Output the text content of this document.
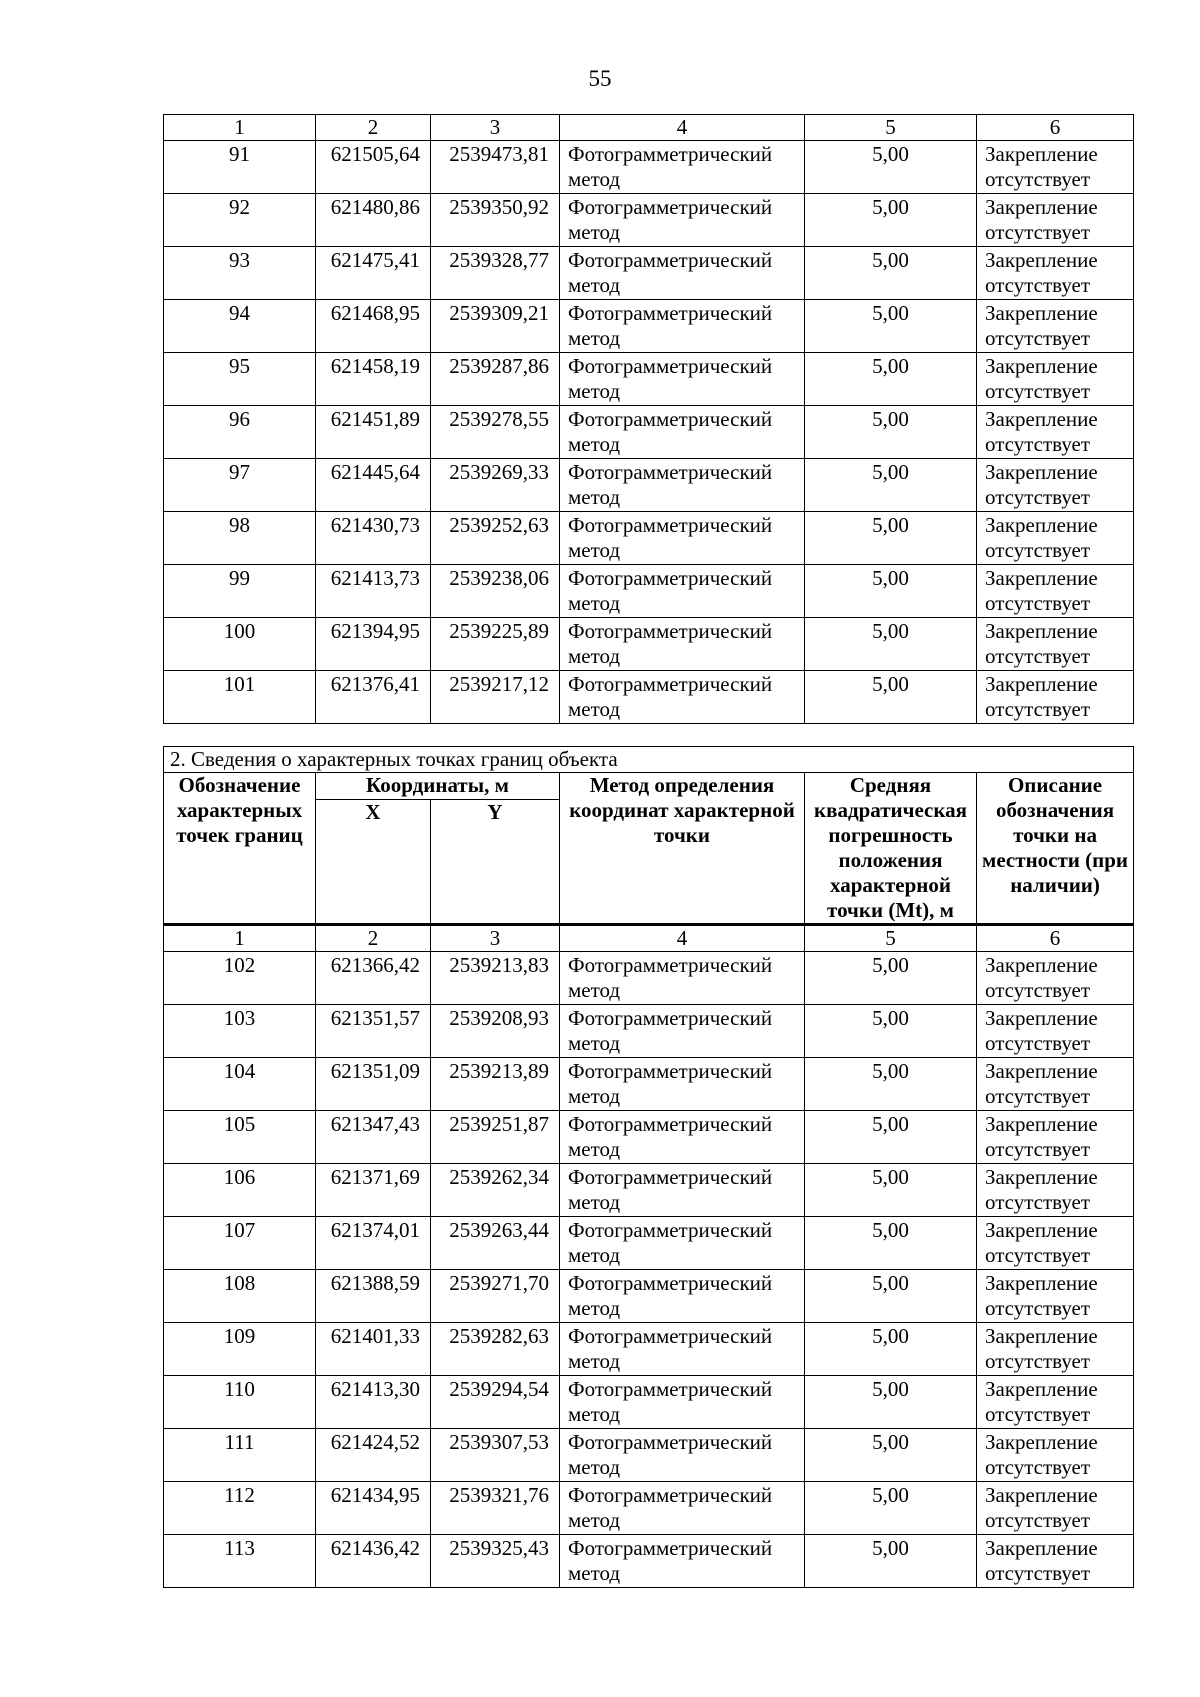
55
1	2	3	4	5	6
91	621505,64	2539473,81	Фотограмметрический метод	5,00	Закрепление отсутствует
92	621480,86	2539350,92	Фотограмметрический метод	5,00	Закрепление отсутствует
93	621475,41	2539328,77	Фотограмметрический метод	5,00	Закрепление отсутствует
94	621468,95	2539309,21	Фотограмметрический метод	5,00	Закрепление отсутствует
95	621458,19	2539287,86	Фотограмметрический метод	5,00	Закрепление отсутствует
96	621451,89	2539278,55	Фотограмметрический метод	5,00	Закрепление отсутствует
97	621445,64	2539269,33	Фотограмметрический метод	5,00	Закрепление отсутствует
98	621430,73	2539252,63	Фотограмметрический метод	5,00	Закрепление отсутствует
99	621413,73	2539238,06	Фотограмметрический метод	5,00	Закрепление отсутствует
100	621394,95	2539225,89	Фотограмметрический метод	5,00	Закрепление отсутствует
101	621376,41	2539217,12	Фотограмметрический метод	5,00	Закрепление отсутствует
2. Сведения о характерных точках границ объекта					
Обозначение характерных точек границ	Координаты, м		Метод определения координат характерной точки	Средняя квадратическая погрешность положения характерной точки (Mt), м	Описание обозначения точки на местности (при наличии)
	X	Y			
1	2	3	4	5	6
102	621366,42	2539213,83	Фотограмметрический метод	5,00	Закрепление отсутствует
103	621351,57	2539208,93	Фотограмметрический метод	5,00	Закрепление отсутствует
104	621351,09	2539213,89	Фотограмметрический метод	5,00	Закрепление отсутствует
105	621347,43	2539251,87	Фотограмметрический метод	5,00	Закрепление отсутствует
106	621371,69	2539262,34	Фотограмметрический метод	5,00	Закрепление отсутствует
107	621374,01	2539263,44	Фотограмметрический метод	5,00	Закрепление отсутствует
108	621388,59	2539271,70	Фотограмметрический метод	5,00	Закрепление отсутствует
109	621401,33	2539282,63	Фотограмметрический метод	5,00	Закрепление отсутствует
110	621413,30	2539294,54	Фотограмметрический метод	5,00	Закрепление отсутствует
111	621424,52	2539307,53	Фотограмметрический метод	5,00	Закрепление отсутствует
112	621434,95	2539321,76	Фотограмметрический метод	5,00	Закрепление отсутствует
113	621436,42	2539325,43	Фотограмметрический метод	5,00	Закрепление отсутствует
